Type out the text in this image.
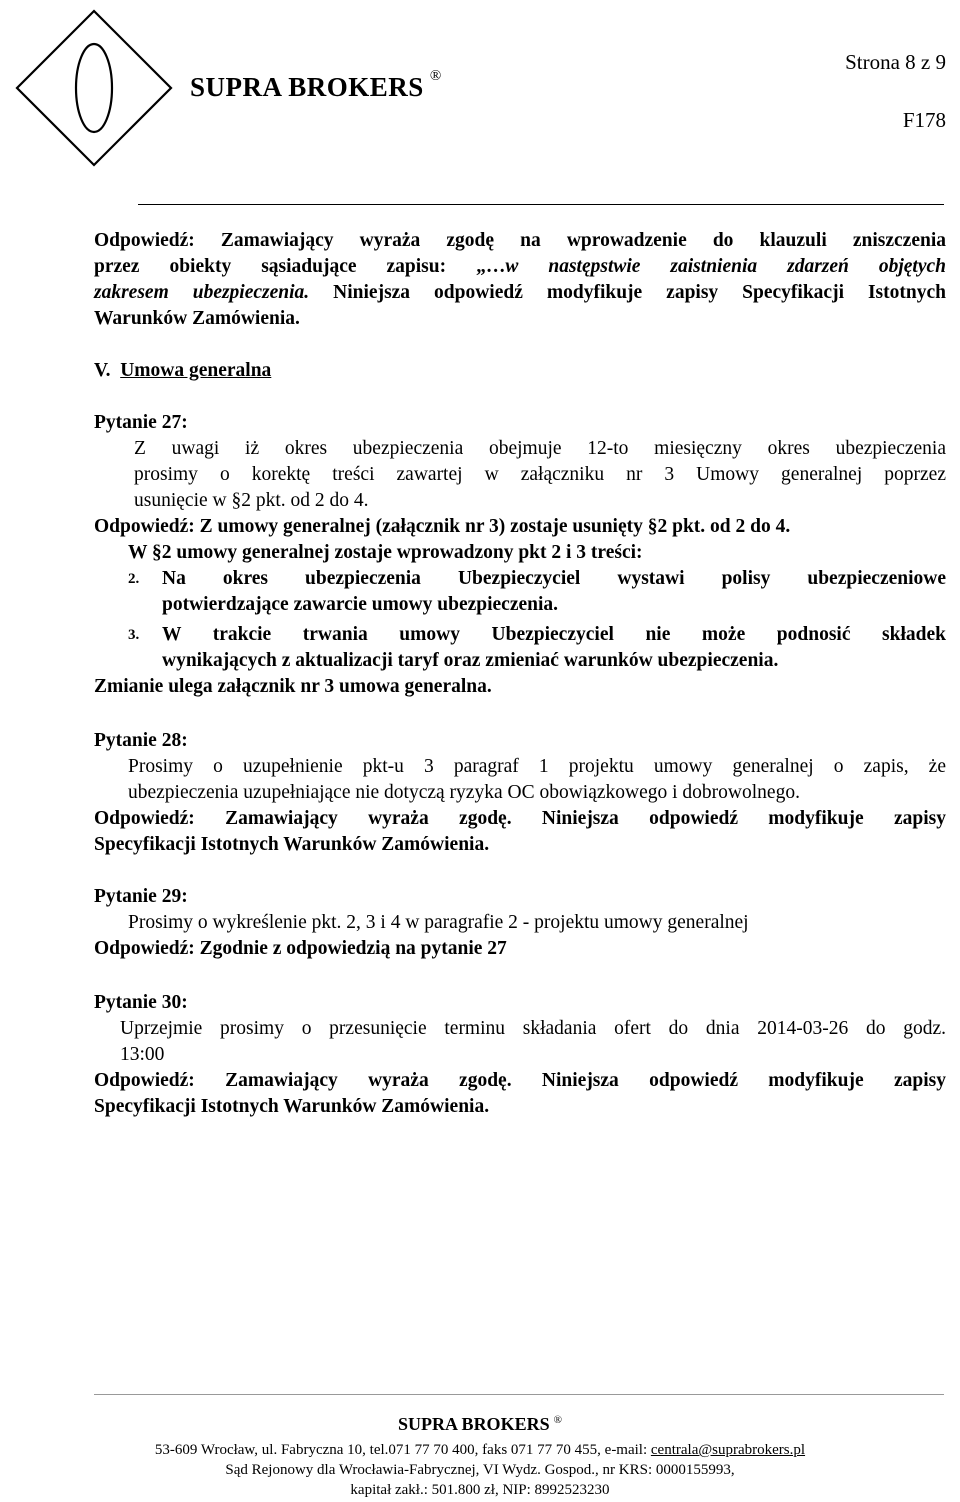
SUPRA BROKERS ®
Strona 8 z 9
F178
Odpowiedź: Zamawiający wyraża zgodę na wprowadzenie do klauzuli zniszczenia
przez obiekty sąsiadujące zapisu: „…w następstwie zaistnienia zdarzeń objętych
zakresem ubezpieczenia. Niniejsza odpowiedź modyfikuje zapisy Specyfikacji Istotnych
Warunków Zamówienia.
V. Umowa generalna
Pytanie 27:
Z uwagi iż okres ubezpieczenia obejmuje 12-to miesięczny okres ubezpieczenia
prosimy o korektę treści zawartej w załączniku nr 3 Umowy generalnej poprzez
usunięcie w §2 pkt. od 2 do 4.
Odpowiedź: Z umowy generalnej (załącznik nr 3) zostaje usunięty §2 pkt. od 2 do 4.
W §2 umowy generalnej zostaje wprowadzony pkt 2 i 3 treści:
2. Na okres ubezpieczenia Ubezpieczyciel wystawi polisy ubezpieczeniowe
potwierdzające zawarcie umowy ubezpieczenia.
3. W trakcie trwania umowy Ubezpieczyciel nie może podnosić składek
wynikających z aktualizacji taryf oraz zmieniać warunków ubezpieczenia.
Zmianie ulega załącznik nr 3 umowa generalna.
Pytanie 28:
Prosimy o uzupełnienie pkt-u 3 paragraf 1 projektu umowy generalnej o zapis, że
ubezpieczenia uzupełniające nie dotyczą ryzyka OC obowiązkowego i dobrowolnego.
Odpowiedź: Zamawiający wyraża zgodę. Niniejsza odpowiedź modyfikuje zapisy
Specyfikacji Istotnych Warunków Zamówienia.
Pytanie 29:
Prosimy o wykreślenie pkt. 2, 3 i 4 w paragrafie 2 - projektu umowy generalnej
Odpowiedź: Zgodnie z odpowiedzią na pytanie 27
Pytanie 30:
Uprzejmie prosimy o przesunięcie terminu składania ofert do dnia 2014-03-26 do godz.
13:00
Odpowiedź: Zamawiający wyraża zgodę. Niniejsza odpowiedź modyfikuje zapisy
Specyfikacji Istotnych Warunków Zamówienia.
SUPRA BROKERS ®
53-609 Wrocław, ul. Fabryczna 10, tel.071 77 70 400, faks 071 77 70 455, e-mail: centrala@suprabrokers.pl
Sąd Rejonowy dla Wrocławia-Fabrycznej, VI Wydz. Gospod., nr KRS: 0000155993,
kapitał zakł.: 501.800 zł, NIP: 8992523230
